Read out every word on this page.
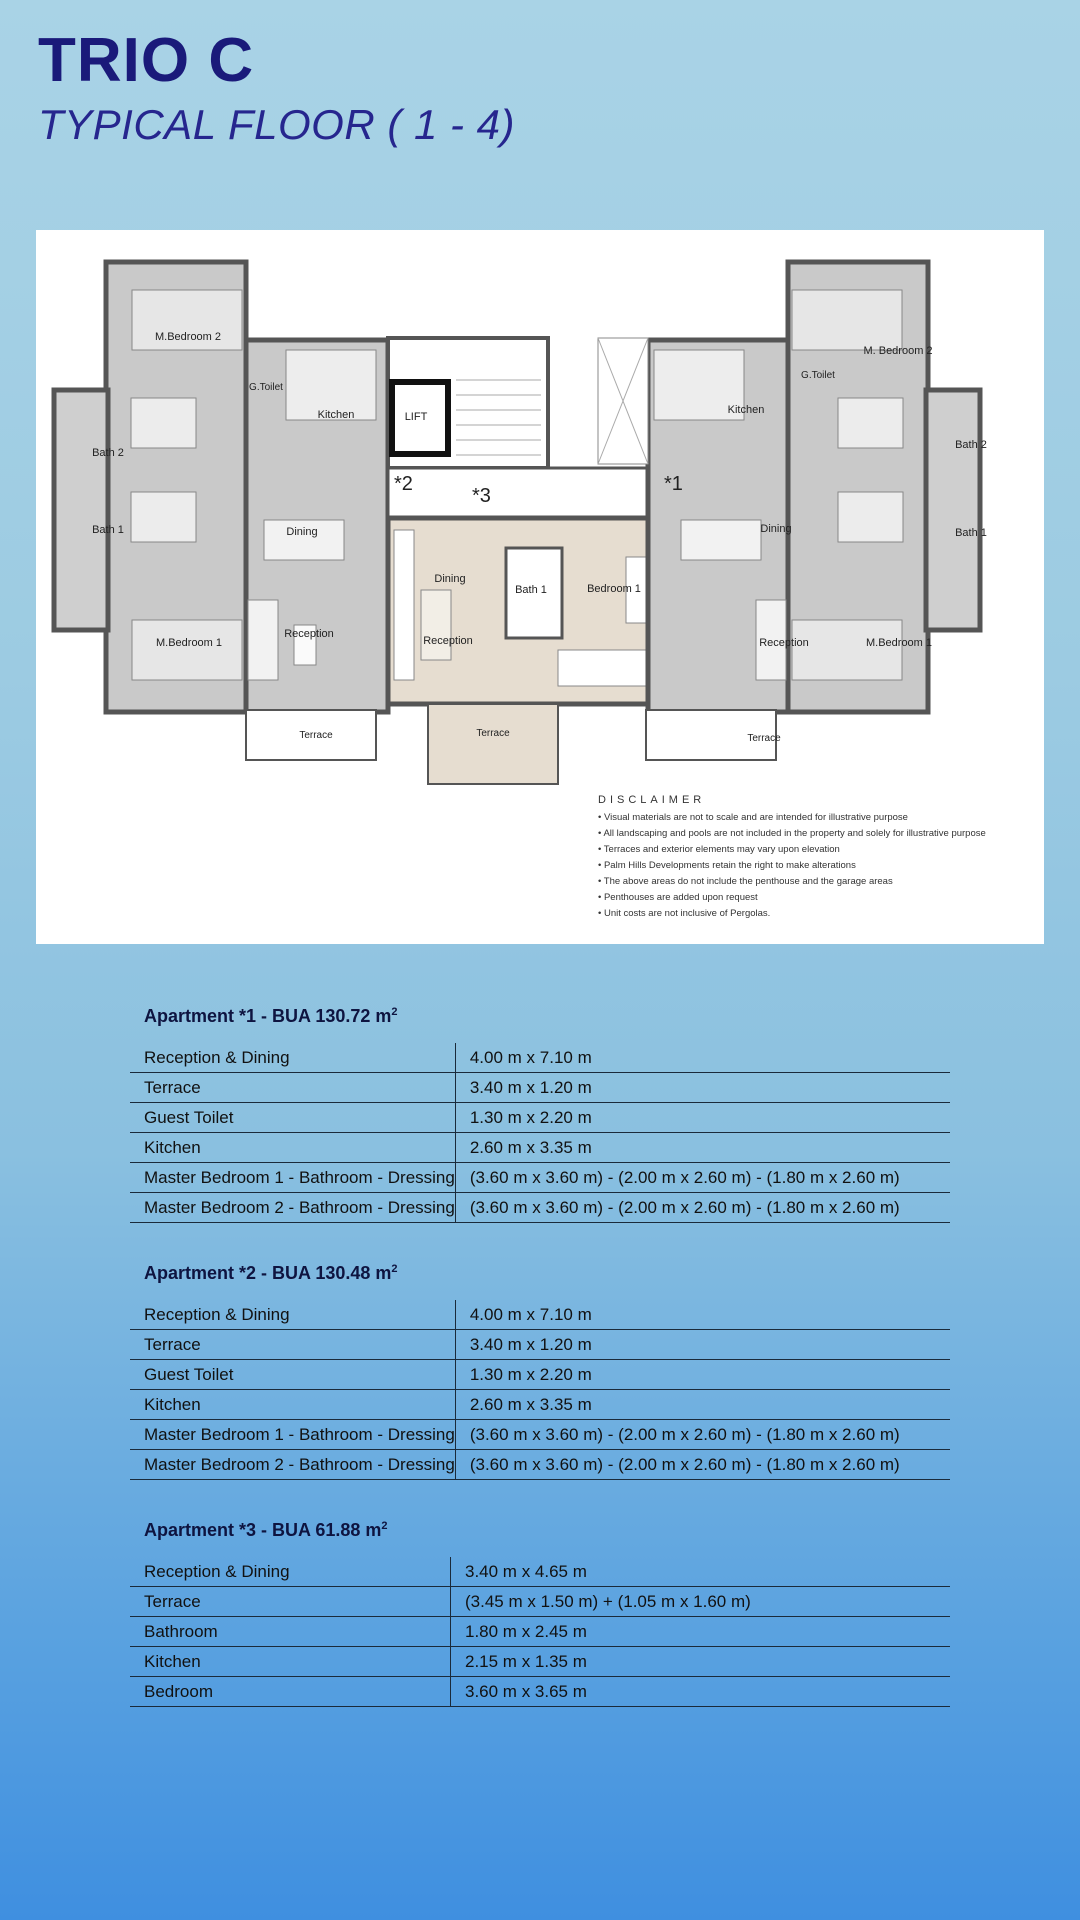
TRIO C
TYPICAL FLOOR ( 1 - 4)
M.Bedroom 2
G.Toilet
Kitchen	LIFT
Kitchen
G.Toilet
M. Bedroom 2
Bath 2
Bath 2
Bath 1	Bath 1
Dining	Dining
Dining
Bath 1	Bedroom 1
Reception
Reception	Reception
M.Bedroom 1	M.Bedroom 1
Terrace	Terrace	Terrace
*2
*3
*1
DISCLAIMER
• Visual materials are not to scale and are intended for illustrative purpose
• All landscaping and pools are not included in the property and solely for illustrative purpose
• Terraces and exterior elements may vary upon elevation
• Palm Hills Developments retain the right to make alterations
• The above areas do not include the penthouse and the garage areas
• Penthouses are added upon request
• Unit costs are not inclusive of Pergolas.
Apartment *1 - BUA 130.72 $m^2$
Reception & Dining	4.00 m x 7.10 m
Terrace	3.40 m x 1.20 m
Guest Toilet	1.30 m x 2.20 m
Kitchen	2.60 m x 3.35 m
Master Bedroom 1 - Bathroom - Dressing	(3.60 m x 3.60 m) - (2.00 m x 2.60 m) - (1.80 m x 2.60 m)
Master Bedroom 2 - Bathroom - Dressing	(3.60 m x 3.60 m) - (2.00 m x 2.60 m) - (1.80 m x 2.60 m)
Apartment *2 - BUA 130.48 $m^2$
Reception & Dining	4.00 m x 7.10 m
Terrace	3.40 m x 1.20 m
Guest Toilet	1.30 m x 2.20 m
Kitchen	2.60 m x 3.35 m
Master Bedroom 1 - Bathroom - Dressing	(3.60 m x 3.60 m) - (2.00 m x 2.60 m) - (1.80 m x 2.60 m)
Master Bedroom 2 - Bathroom - Dressing	(3.60 m x 3.60 m) - (2.00 m x 2.60 m) - (1.80 m x 2.60 m)
Apartment *3 - BUA 61.88 $m^2$
Reception & Dining	3.40 m x 4.65 m
Terrace	(3.45 m x 1.50 m) + (1.05 m x 1.60 m)
Bathroom	1.80 m x 2.45 m
Kitchen	2.15 m x 1.35 m
Bedroom	3.60 m x 3.65 m
